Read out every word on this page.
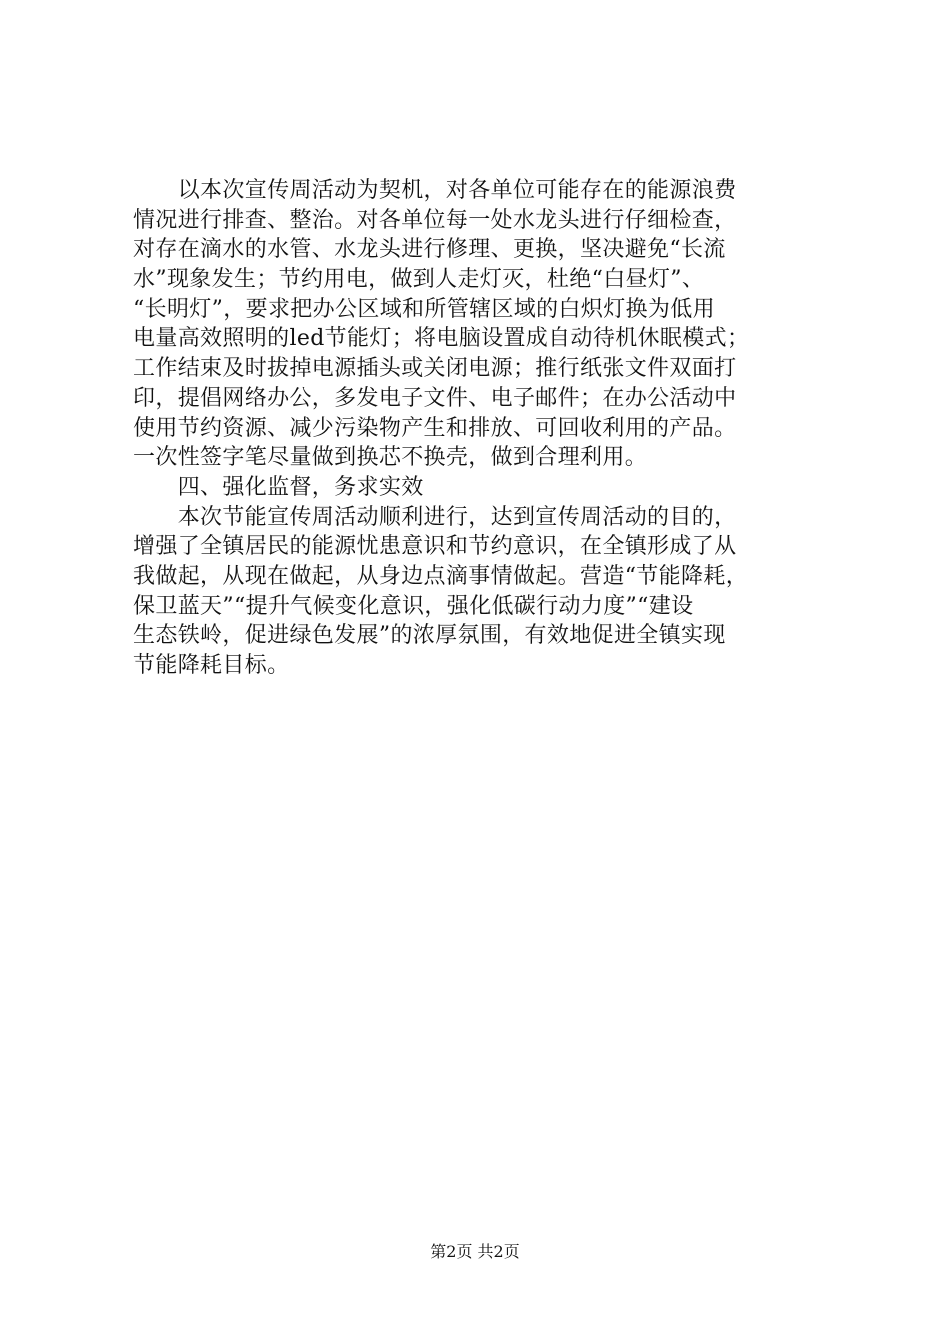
　　以本次宣传周活动为契机，对各单位可能存在的能源浪费
情况进行排查、整治。对各单位每一处水龙头进行仔细检查，
对存在滴水的水管、水龙头进行修理、更换，坚决避免“长流
水”现象发生；节约用电，做到人走灯灭，杜绝“白昼灯”、
“长明灯”，要求把办公区域和所管辖区域的白炽灯换为低用
电量高效照明的led节能灯；将电脑设置成自动待机休眠模式；
工作结束及时拔掉电源插头或关闭电源；推行纸张文件双面打
印，提倡网络办公，多发电子文件、电子邮件；在办公活动中
使用节约资源、减少污染物产生和排放、可回收利用的产品。
一次性签字笔尽量做到换芯不换壳，做到合理利用。
　　四、强化监督，务求实效
　　本次节能宣传周活动顺利进行，达到宣传周活动的目的，
增强了全镇居民的能源忧患意识和节约意识，在全镇形成了从
我做起，从现在做起，从身边点滴事情做起。营造“节能降耗，
保卫蓝天”“提升气候变化意识，强化低碳行动力度”“建设
生态铁岭，促进绿色发展”的浓厚氛围，有效地促进全镇实现
节能降耗目标。
第2页 共2页
